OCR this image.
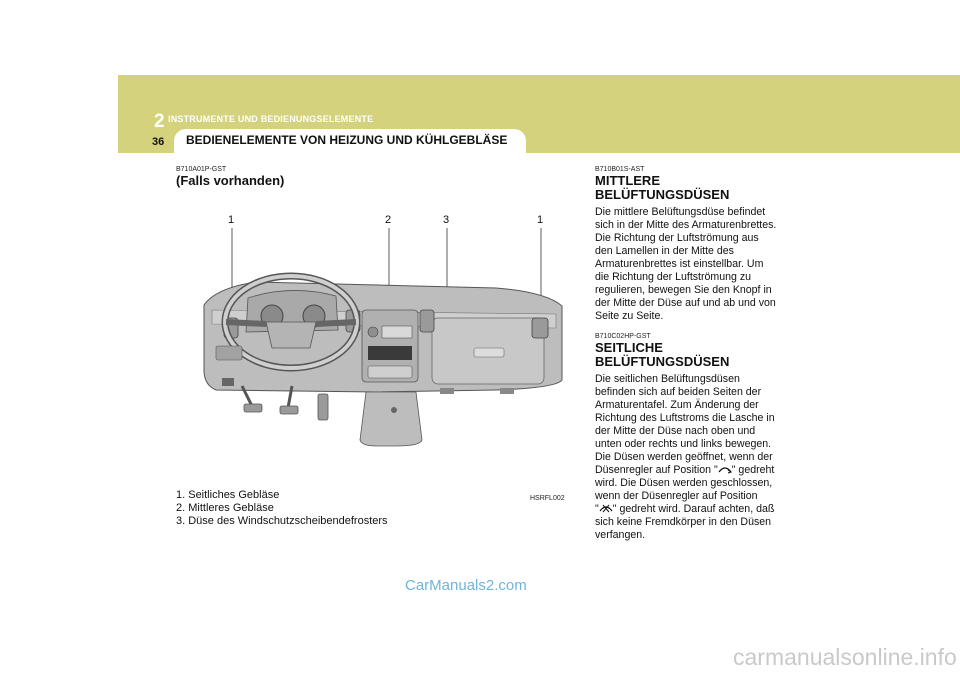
2 INSTRUMENTE UND BEDIENUNGSELEMENTE
36 BEDIENELEMENTE VON HEIZUNG UND KÜHLGEBLÄSE
B710A01P-GST
(Falls vorhanden)
1	2	3	1
1. Seitliches Gebläse
2. Mittleres Gebläse
3. Düse des Windschutzscheibendefrosters
HSRFL002
B710B01S-AST
MITTLERE
BELÜFTUNGSDÜSEN
Die mittlere Belüftungsdüse befindet
sich in der Mitte des Armaturenbrettes.
Die Richtung der Luftströmung aus
den Lamellen in der Mitte des
Armaturenbrettes ist einstellbar. Um
die Richtung der Luftströmung zu
regulieren, bewegen Sie den Knopf in
der Mitte der Düse auf und ab und von
Seite zu Seite.
B710C02HP-GST
SEITLICHE
BELÜFTUNGSDÜSEN
Die seitlichen Belüftungsdüsen
befinden sich auf beiden Seiten der
Armaturentafel. Zum Änderung der
Richtung des Luftstroms die Lasche in
der Mitte der Düse nach oben und
unten oder rechts und links bewegen.
Die Düsen werden geöffnet, wenn der
Düsenregler auf Position " " gedreht
wird. Die Düsen werden geschlossen,
wenn der Düsenregler auf Position
" " gedreht wird. Darauf achten, daß
sich keine Fremdkörper in den Düsen
verfangen.
CarManuals2.com
carmanualsonline.info
